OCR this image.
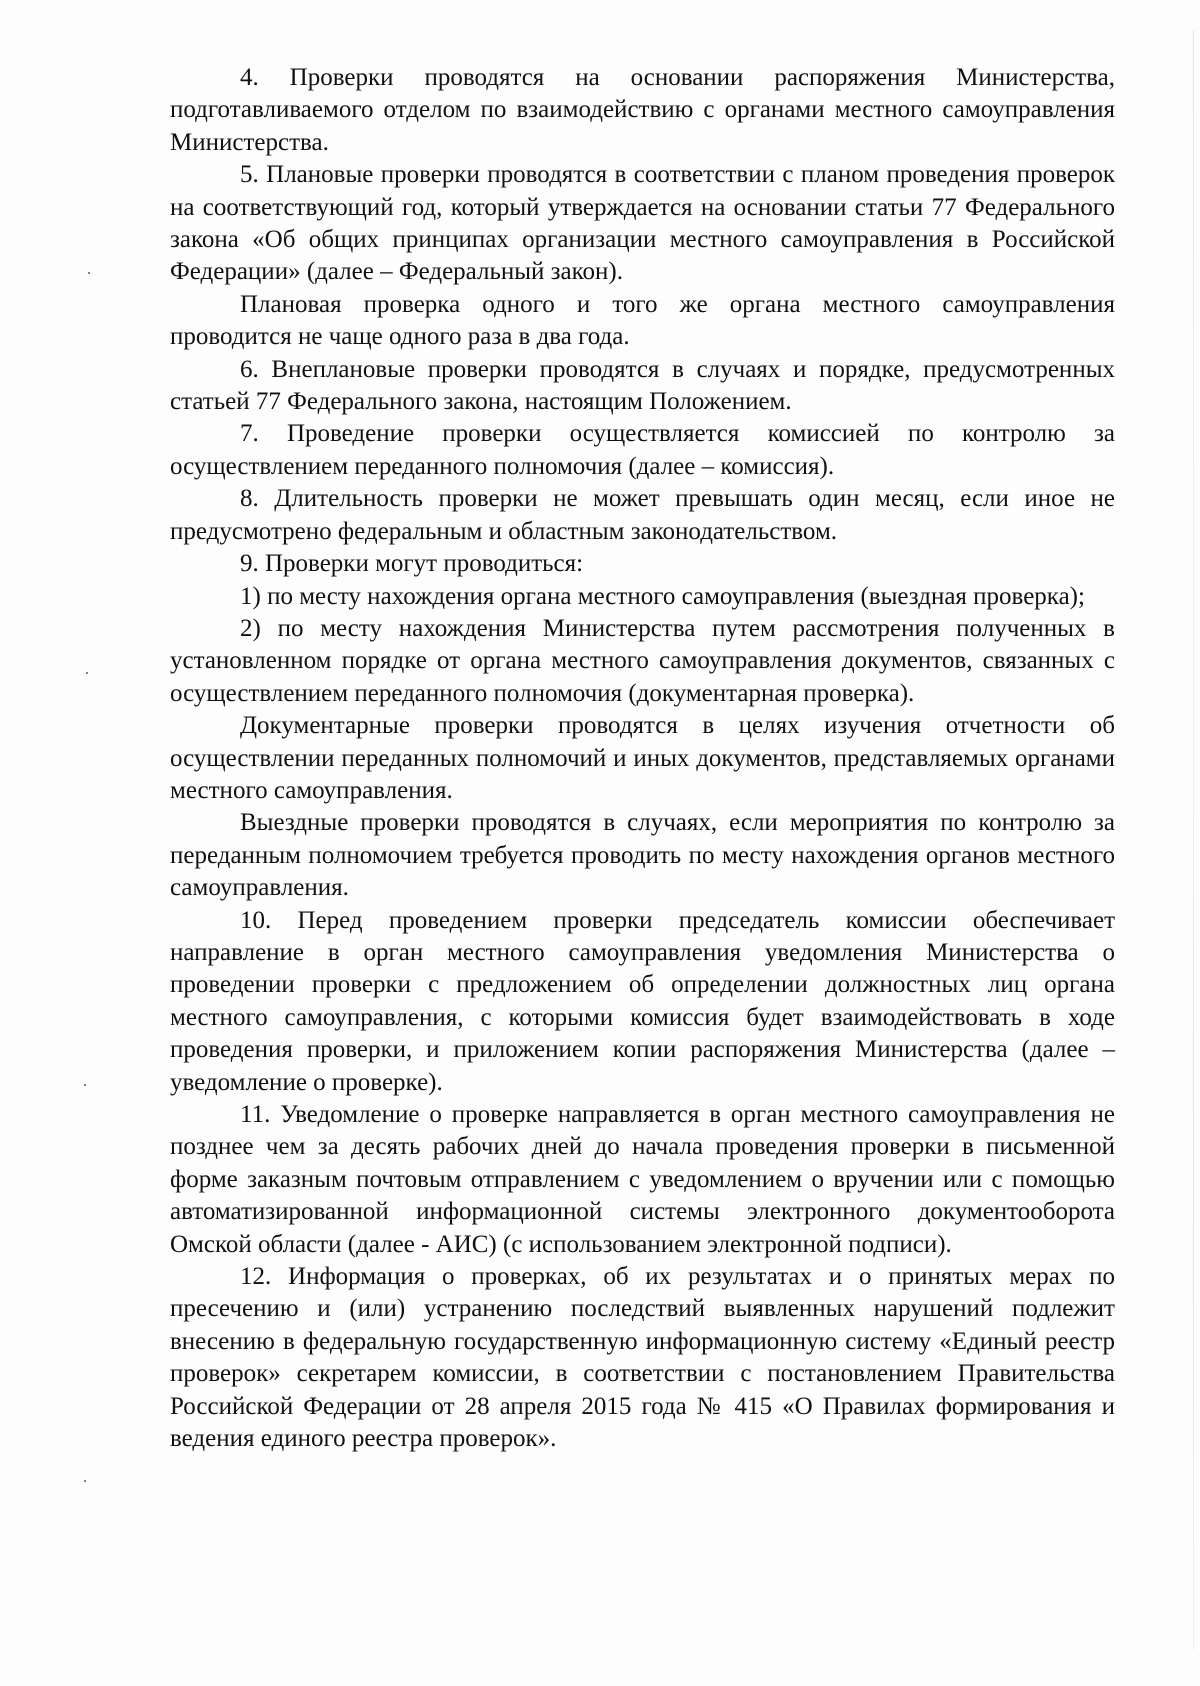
4. Проверки проводятся на основании распоряжения Министерства, подготавливаемого отделом по взаимодействию с органами местного самоуправления Министерства.

5. Плановые проверки проводятся в соответствии с планом проведения проверок на соответствующий год, который утверждается на основании статьи 77 Федерального закона «Об общих принципах организации местного самоуправления в Российской Федерации» (далее – Федеральный закон).

Плановая проверка одного и того же органа местного самоуправления проводится не чаще одного раза в два года.

6. Внеплановые проверки проводятся в случаях и порядке, предусмотренных статьей 77 Федерального закона, настоящим Положением.

7. Проведение проверки осуществляется комиссией по контролю за осуществлением переданного полномочия (далее – комиссия).

8. Длительность проверки не может превышать один месяц, если иное не предусмотрено федеральным и областным законодательством.

9. Проверки могут проводиться:

1) по месту нахождения органа местного самоуправления (выездная проверка);

2) по месту нахождения Министерства путем рассмотрения полученных в установленном порядке от органа местного самоуправления документов, связанных с осуществлением переданного полномочия (документарная проверка).

Документарные проверки проводятся в целях изучения отчетности об осуществлении переданных полномочий и иных документов, представляемых органами местного самоуправления.

Выездные проверки проводятся в случаях, если мероприятия по контролю за переданным полномочием требуется проводить по месту нахождения органов местного самоуправления.

10. Перед проведением проверки председатель комиссии обеспечивает направление в орган местного самоуправления уведомления Министерства о проведении проверки с предложением об определении должностных лиц органа местного самоуправления, с которыми комиссия будет взаимодействовать в ходе проведения проверки, и приложением копии распоряжения Министерства (далее – уведомление о проверке).

11. Уведомление о проверке направляется в орган местного самоуправления не позднее чем за десять рабочих дней до начала проведения проверки в письменной форме заказным почтовым отправлением с уведомлением о вручении или с помощью автоматизированной информационной системы электронного документооборота Омской области (далее - АИС) (с использованием электронной подписи).

12. Информация о проверках, об их результатах и о принятых мерах по пресечению и (или) устранению последствий выявленных нарушений подлежит внесению в федеральную государственную информационную систему «Единый реестр проверок» секретарем комиссии, в соответствии с постановлением Правительства Российской Федерации от 28 апреля 2015 года № 415 «О Правилах формирования и ведения единого реестра проверок».
